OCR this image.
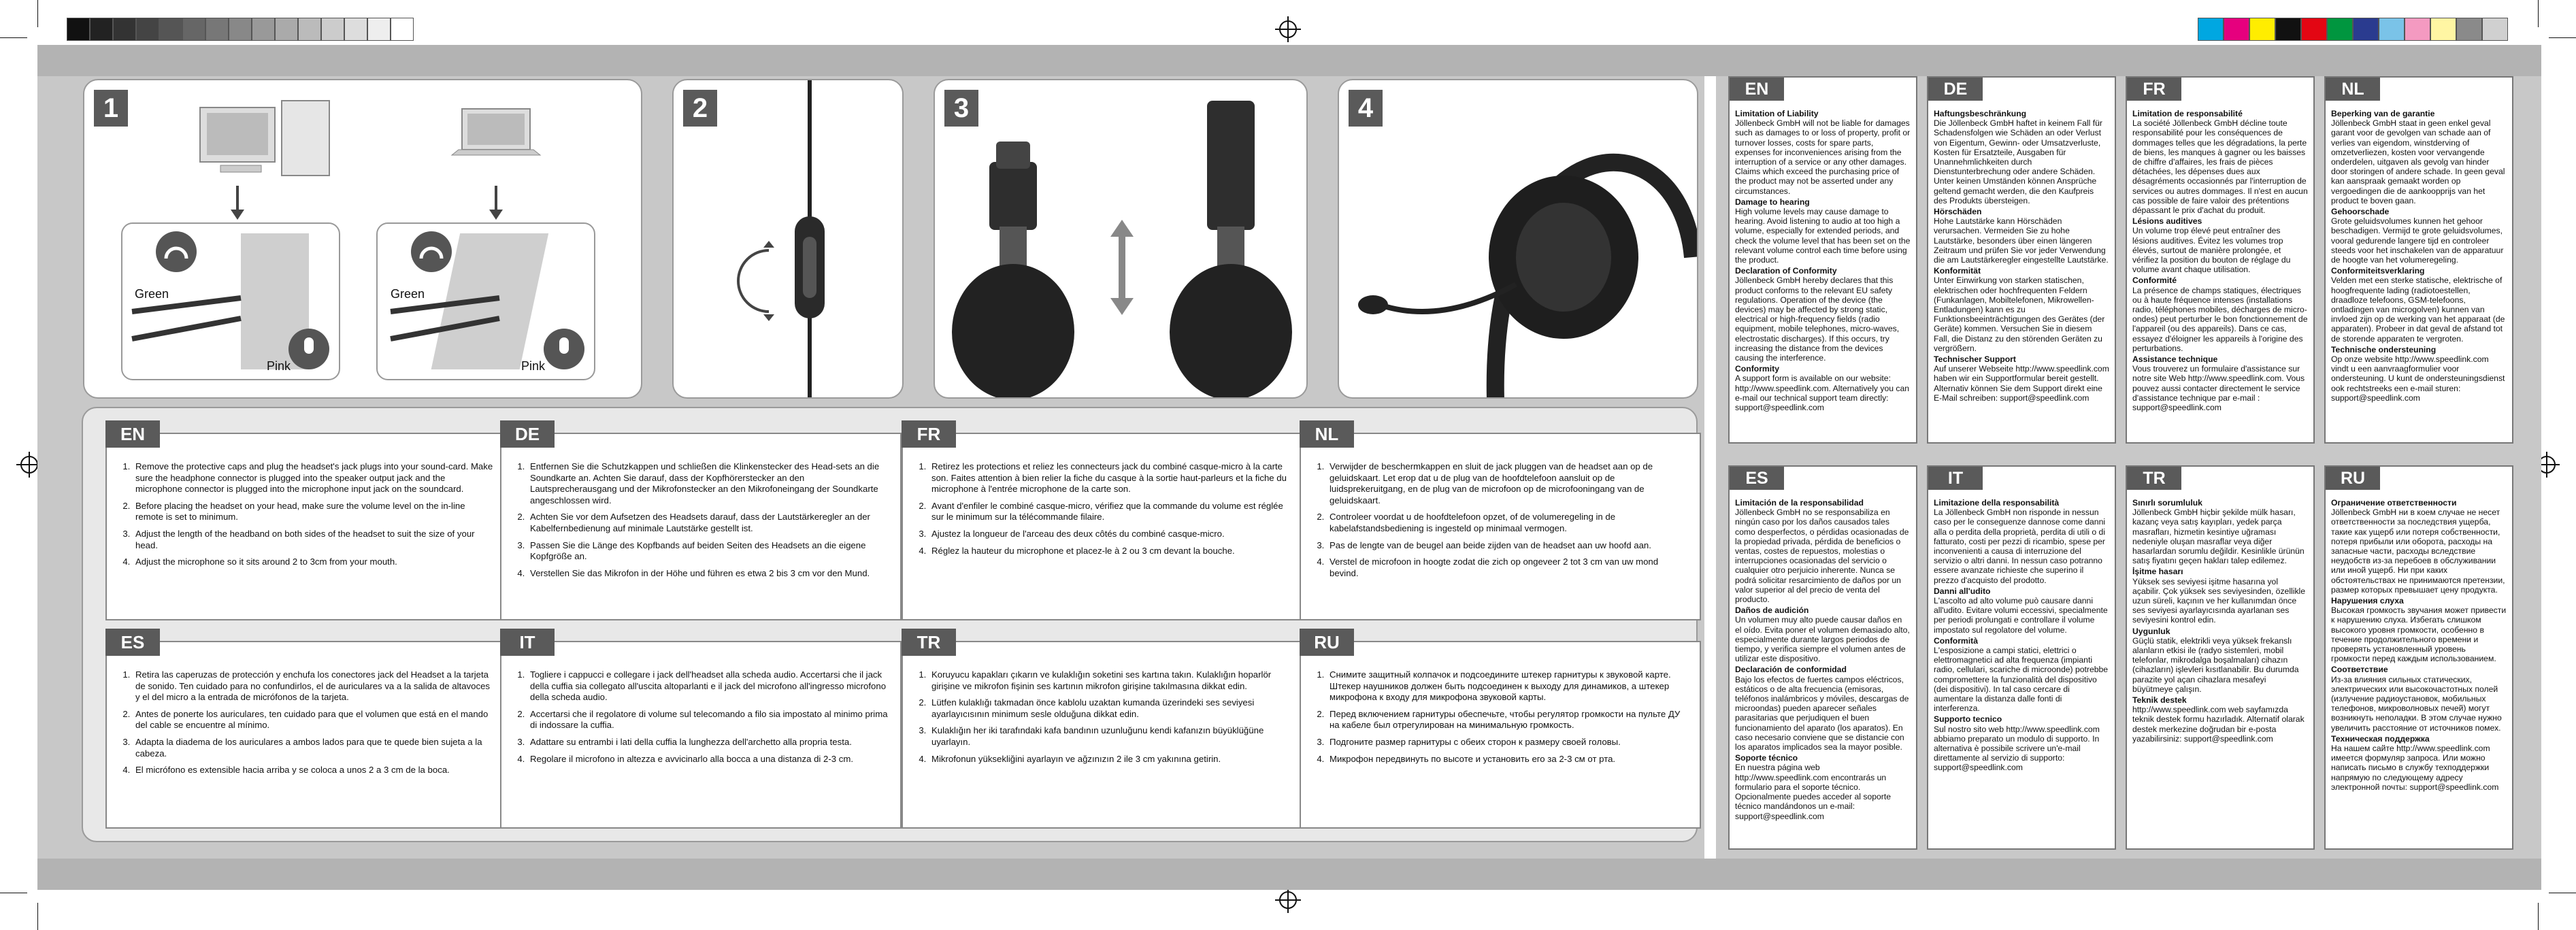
1
Green
Pink
Green
Pink
2	3	4
EN
1. Remove the protective caps and plug the headset's jack plugs into your sound-card. Make sure the headphone connector is plugged into the speaker output jack and the microphone connector is plugged into the microphone input jack on the soundcard.
2. Before placing the headset on your head, make sure the volume level on the in-line remote is set to minimum.
3. Adjust the length of the headband on both sides of the headset to suit the size of your head.
4. Adjust the microphone so it sits around 2 to 3cm from your mouth.
DE
1. Entfernen Sie die Schutzkappen und schließen die Klinkenstecker des Head-sets an die Soundkarte an. Achten Sie darauf, dass der Kopfhörerstecker an den Lautsprecherausgang und der Mikrofonstecker an den Mikrofoneingang der Soundkarte angeschlossen wird.
2. Achten Sie vor dem Aufsetzen des Headsets darauf, dass der Lautstärkeregler an der Kabelfernbedienung auf minimale Lautstärke gestellt ist.
3. Passen Sie die Länge des Kopfbands auf beiden Seiten des Headsets an die eigene Kopfgröße an.
4. Verstellen Sie das Mikrofon in der Höhe und führen es etwa 2 bis 3 cm vor den Mund.
FR
1. Retirez les protections et reliez les connecteurs jack du combiné casque-micro à la carte son. Faites attention à bien relier la fiche du casque à la sortie haut-parleurs et la fiche du microphone à l'entrée microphone de la carte son.
2. Avant d'enfiler le combiné casque-micro, vérifiez que la commande du volume est réglée sur le minimum sur la télécommande filaire.
3. Ajustez la longueur de l'arceau des deux côtés du combiné casque-micro.
4. Réglez la hauteur du microphone et placez-le à 2 ou 3 cm devant la bouche.
NL
1. Verwijder de beschermkappen en sluit de jack pluggen van de headset aan op de geluidskaart. Let erop dat u de plug van de hoofdtelefoon aansluit op de luidsprekeruitgang, en de plug van de microfoon op de microfooningang van de geluidskaart.
2. Controleer voordat u de hoofdtelefoon opzet, of de volumeregeling in de kabelafstandsbediening is ingesteld op minimaal vermogen.
3. Pas de lengte van de beugel aan beide zijden van de headset aan uw hoofd aan.
4. Verstel de microfoon in hoogte zodat die zich op ongeveer 2 tot 3 cm van uw mond bevind.
ES
1. Retira las caperuzas de protección y enchufa los conectores jack del Headset a la tarjeta de sonido. Ten cuidado para no confundirlos, el de auriculares va a la salida de altavoces y el del micro a la entrada de micrófonos de la tarjeta.
2. Antes de ponerte los auriculares, ten cuidado para que el volumen que está en el mando del cable se encuentre al mínimo.
3. Adapta la diadema de los auriculares a ambos lados para que te quede bien sujeta a la cabeza.
4. El micrófono es extensible hacia arriba y se coloca a unos 2 a 3 cm de la boca.
IT
1. Togliere i cappucci e collegare i jack dell'headset alla scheda audio. Accertarsi che il jack della cuffia sia collegato all'uscita altoparlanti e il jack del microfono all'ingresso microfono della scheda audio.
2. Accertarsi che il regolatore di volume sul telecomando a filo sia impostato al minimo prima di indossare la cuffia.
3. Adattare su entrambi i lati della cuffia la lunghezza dell'archetto alla propria testa.
4. Regolare il microfono in altezza e avvicinarlo alla bocca a una distanza di 2-3 cm.
TR
1. Koruyucu kapakları çıkarın ve kulaklığın soketini ses kartına takın. Kulaklığın hoparlör girişine ve mikrofon fişinin ses kartının mikrofon girişine takılmasına dikkat edin.
2. Lütfen kulaklığı takmadan önce kablolu uzaktan kumanda üzerindeki ses seviyesi ayarlayıcısının minimum sesle olduğuna dikkat edin.
3. Kulaklığın her iki tarafındaki kafa bandının uzunluğunu kendi kafanızın büyüklüğüne uyarlayın.
4. Mikrofonun yüksekliğini ayarlayın ve ağzınızın 2 ile 3 cm yakınına getirin.
RU
1. Снимите защитный колпачок и подсоедините штекер гарнитуры к звуковой карте. Штекер наушников должен быть подсоединен к выходу для динамиков, а штекер микрофона к входу для микрофона звуковой карты.
2. Перед включением гарнитуры обеспечьте, чтобы регулятор громкости на пульте ДУ на кабеле был отрегулирован на минимальную громкость.
3. Подгоните размер гарнитуры с обеих сторон к размеру своей головы.
4. Микрофон передвинуть по высоте и установить его за 2-3 см от рта.
EN

Limitation of Liability

Jöllenbeck GmbH will not be liable for damages such as damages to or loss of property, profit or turnover losses, costs for spare parts, expenses for inconveniences arising from the interruption of a service or any other damages. Claims which exceed the purchasing price of the product may not be asserted under any circumstances.

Damage to hearing

High volume levels may cause damage to hearing. Avoid listening to audio at too high a volume, especially for extended periods, and check the volume level that has been set on the relevant volume control each time before using the product.

Declaration of Conformity

Jöllenbeck GmbH hereby declares that this product conforms to the relevant EU safety regulations. Operation of the device (the devices) may be affected by strong static, electrical or high-frequency fields (radio equipment, mobile telephones, micro-waves, electrostatic discharges). If this occurs, try increasing the distance from the devices causing the interference.

Conformity

A support form is available on our website: http://www.speedlink.com. Alternatively you can e-mail our technical support team directly: support@speedlink.com

DE

Haftungsbeschränkung

Die Jöllenbeck GmbH haftet in keinem Fall für Schadensfolgen wie Schäden an oder Verlust von Eigentum, Gewinn- oder Umsatzverluste, Kosten für Ersatzteile, Ausgaben für Unannehmlichkeiten durch Dienstunterbrechung oder andere Schäden. Unter keinen Umständen können Ansprüche geltend gemacht werden, die den Kaufpreis des Produkts übersteigen.

Hörschäden

Hohe Lautstärke kann Hörschäden verursachen. Vermeiden Sie zu hohe Lautstärke, besonders über einen längeren Zeitraum und prüfen Sie vor jeder Verwendung die am Lautstärkeregler eingestellte Lautstärke.

Konformität

Unter Einwirkung von starken statischen, elektrischen oder hochfrequenten Feldern (Funkanlagen, Mobiltelefonen, Mikrowellen-Entladungen) kann es zu Funktionsbeeinträchtigungen des Gerätes (der Geräte) kommen. Versuchen Sie in diesem Fall, die Distanz zu den störenden Geräten zu vergrößern.

Technischer Support

Auf unserer Webseite http://www.speedlink.com haben wir ein Supportformular bereit gestellt. Alternativ können Sie dem Support direkt eine E-Mail schreiben: support@speedlink.com

FR

Limitation de responsabilité

La société Jöllenbeck GmbH décline toute responsabilité pour les conséquences de dommages telles que les dégradations, la perte de biens, les manques à gagner ou les baisses de chiffre d'affaires, les frais de pièces détachées, les dépenses dues aux désagréments occasionnés par l'interruption de services ou autres dommages. Il n'est en aucun cas possible de faire valoir des prétentions dépassant le prix d'achat du produit.

Lésions auditives

Un volume trop élevé peut entraîner des lésions auditives. Évitez les volumes trop élevés, surtout de manière prolongée, et vérifiez la position du bouton de réglage du volume avant chaque utilisation.

Conformité

La présence de champs statiques, électriques ou à haute fréquence intenses (installations radio, téléphones mobiles, décharges de micro-ondes) peut perturber le bon fonctionnement de l'appareil (ou des appareils). Dans ce cas, essayez d'éloigner les appareils à l'origine des perturbations.

Assistance technique

Vous trouverez un formulaire d'assistance sur notre site Web http://www.speedlink.com. Vous pouvez aussi contacter directement le service d'assistance technique par e-mail : support@speedlink.com

NL

Beperking van de garantie

Jöllenbeck GmbH staat in geen enkel geval garant voor de gevolgen van schade aan of verlies van eigendom, winstderving of omzetverliezen, kosten voor vervangende onderdelen, uitgaven als gevolg van hinder door storingen of andere schade. In geen geval kan aanspraak gemaakt worden op vergoedingen die de aankoopprijs van het product te boven gaan.

Gehoorschade

Grote geluidsvolumes kunnen het gehoor beschadigen. Vermijd te grote geluidsvolumes, vooral gedurende langere tijd en controleer steeds voor het inschakelen van de apparatuur de hoogte van het volumeregeling.

Conformiteitsverklaring

Velden met een sterke statische, elektrische of hoogfrequente lading (radiotoestellen, draadloze telefoons, GSM-telefoons, ontladingen van microgolven) kunnen van invloed zijn op de werking van het apparaat (de apparaten). Probeer in dat geval de afstand tot de storende apparaten te vergroten.

Technische ondersteuning

Op onze website http://www.speedlink.com vindt u een aanvraagformulier voor ondersteuning. U kunt de ondersteuningsdienst ook rechtstreeks een e-mail sturen: support@speedlink.com

ES

Limitación de la responsabilidad

Jöllenbeck GmbH no se responsabiliza en ningún caso por los daños causados tales como desperfectos, o pérdidas ocasionadas de la propiedad privada, pérdida de beneficios o ventas, costes de repuestos, molestias o interrupciones ocasionadas del servicio o cualquier otro perjuicio inherente. Nunca se podrá solicitar resarcimiento de daños por un valor superior al del precio de venta del producto.

Daños de audición

Un volumen muy alto puede causar daños en el oído. Evita poner el volumen demasiado alto, especialmente durante largos periodos de tiempo, y verifica siempre el volumen antes de utilizar este dispositivo.

Declaración de conformidad

Bajo los efectos de fuertes campos eléctricos, estáticos o de alta frecuencia (emisoras, teléfonos inalámbricos y móviles, descargas de microondas) pueden aparecer señales parasitarias que perjudiquen el buen funcionamiento del aparato (los aparatos). En caso necesario conviene que se distancie con los aparatos implicados sea la mayor posible.

Soporte técnico

En nuestra página web http://www.speedlink.com encontrarás un formulario para el soporte técnico. Opcionalmente puedes acceder al soporte técnico mandándonos un e-mail: support@speedlink.com

IT

Limitazione della responsabilità

La Jöllenbeck GmbH non risponde in nessun caso per le conseguenze dannose come danni alla o perdita della proprietà, perdita di utili o di fatturato, costi per pezzi di ricambio, spese per inconvenienti a causa di interruzione del servizio o altri danni. In nessun caso potranno essere avanzate richieste che superino il prezzo d'acquisto del prodotto.

Danni all'udito

L'ascolto ad alto volume può causare danni all'udito. Evitare volumi eccessivi, specialmente per periodi prolungati e controllare il volume impostato sul regolatore del volume.

Conformità

L'esposizione a campi statici, elettrici o elettromagnetici ad alta frequenza (impianti radio, cellulari, scariche di microonde) potrebbe compromettere la funzionalità del dispositivo (dei dispositivi). In tal caso cercare di aumentare la distanza dalle fonti di interferenza.

Supporto tecnico

Sul nostro sito web http://www.speedlink.com abbiamo preparato un modulo di supporto. In alternativa è possibile scrivere un'e-mail direttamente al servizio di supporto: support@speedlink.com

TR

Sınırlı sorumluluk

Jöllenbeck GmbH hiçbir şekilde mülk hasarı, kazanç veya satış kayıpları, yedek parça masrafları, hizmetin kesintiye uğraması nedeniyle oluşan masraflar veya diğer hasarlardan sorumlu değildir. Kesinlikle ürünün satış fiyatını geçen hakları talep edilemez.

İşitme hasarı

Yüksek ses seviyesi işitme hasarına yol açabilir. Çok yüksek ses seviyesinden, özellikle uzun süreli, kaçının ve her kullanımdan önce ses seviyesi ayarlayıcısında ayarlanan ses seviyesini kontrol edin.

Uygunluk

Güçlü statik, elektrikli veya yüksek frekanslı alanların etkisi ile (radyo sistemleri, mobil telefonlar, mikrodalga boşalmaları) cihazın (cihazların) işlevleri kısıtlanabilir. Bu durumda parazite yol açan cihazlara mesafeyi büyütmeye çalışın.

Teknik destek

http://www.speedlink.com web sayfamızda teknik destek formu hazırladık. Alternatif olarak destek merkezine doğrudan bir e-posta yazabilirsiniz: support@speedlink.com

RU

Ограничение ответственности

Jöllenbeck GmbH ни в коем случае не несет ответственности за последствия ущерба, такие как ущерб или потеря собственности, потеря прибыли или оборота, расходы на запасные части, расходы вследствие неудобств из-за перебоев в обслуживании или иной ущерб. Ни при каких обстоятельствах не принимаются претензии, размер которых превышает цену продукта.

Нарушения слуха

Высокая громкость звучания может привести к нарушению слуха. Избегать слишком высокого уровня громкости, особенно в течение продолжительного времени и проверять установленный уровень громкости перед каждым использованием.

Соответствие

Из-за влияния сильных статических, электрических или высокочастотных полей (излучение радиоустановок, мобильных телефонов, микроволновых печей) могут возникнуть неполадки. В этом случае нужно увеличить расстояние от источников помех.

Техническая поддержка

На нашем сайте http://www.speedlink.com имеется формуляр запроса. Или можно написать письмо в службу техподдержки напрямую по следующему адресу электронной почты: support@speedlink.com
